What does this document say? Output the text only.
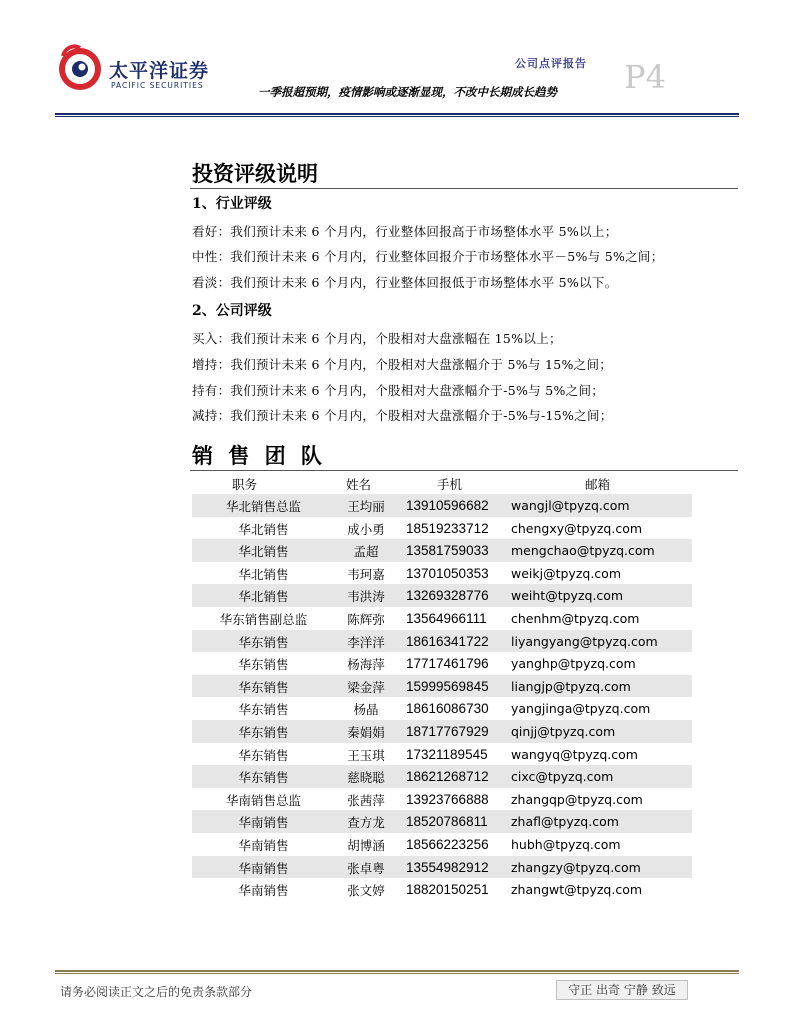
太平洋证券
PACIFIC SECURITIES
公司点评报告 P4
一季报超预期，疫情影响或逐渐显现，不改中长期成长趋势
投资评级说明
1、行业评级
看好：我们预计未来 6 个月内，行业整体回报高于市场整体水平 5%以上；
中性：我们预计未来 6 个月内，行业整体回报介于市场整体水平－5%与 5%之间；
看淡：我们预计未来 6 个月内，行业整体回报低于市场整体水平 5%以下。
2、公司评级
买入：我们预计未来 6 个月内，个股相对大盘涨幅在 15%以上；
增持：我们预计未来 6 个月内，个股相对大盘涨幅介于 5%与 15%之间；
持有：我们预计未来 6 个月内，个股相对大盘涨幅介于-5%与 5%之间；
减持：我们预计未来 6 个月内，个股相对大盘涨幅介于-5%与-15%之间；
销 售 团 队
职务	姓名	手机	邮箱
华北销售总监	王均丽	13910596682 wangjl@tpyzq.com
华北销售	成小勇	18519233712 chengxy@tpyzq.com
华北销售	孟超	13581759033 mengchao@tpyzq.com
华北销售	韦珂嘉	13701050353 weikj@tpyzq.com
华北销售	韦洪涛	13269328776 weiht@tpyzq.com
华东销售副总监	陈辉弥	13564966111 chenhm@tpyzq.com
华东销售	李洋洋	18616341722 liyangyang@tpyzq.com
华东销售	杨海萍	17717461796 yanghp@tpyzq.com
华东销售	梁金萍	15999569845 liangjp@tpyzq.com
华东销售	杨晶	18616086730 yangjinga@tpyzq.com
华东销售	秦娟娟	18717767929 qinjj@tpyzq.com
华东销售	王玉琪	17321189545 wangyq@tpyzq.com
华东销售	慈晓聪	18621268712 cixc@tpyzq.com
华南销售总监	张茜萍	13923766888 zhangqp@tpyzq.com
华南销售	查方龙	18520786811 zhafl@tpyzq.com
华南销售	胡博涵	18566223256 hubh@tpyzq.com
华南销售	张卓粤	13554982912 zhangzy@tpyzq.com
华南销售	张文婷	18820150251 zhangwt@tpyzq.com
请务必阅读正文之后的免责条款部分	守正 出奇 宁静 致远
